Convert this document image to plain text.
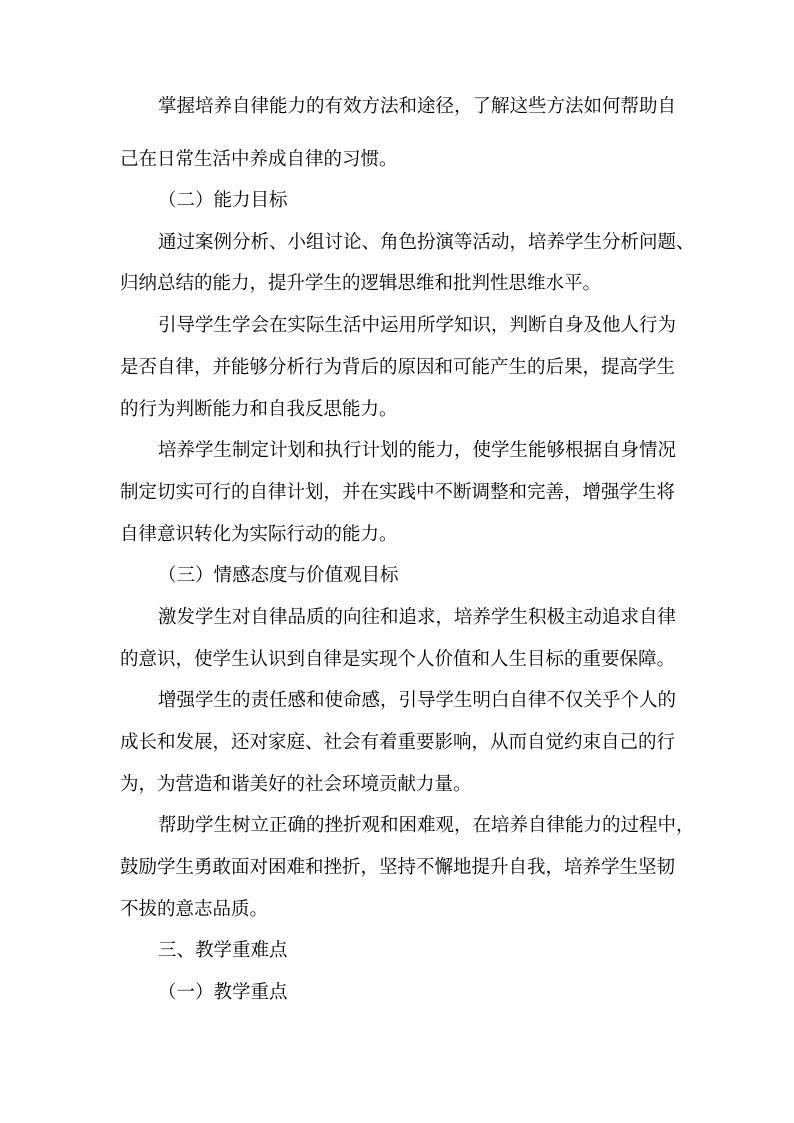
掌握培养自律能力的有效方法和途径，了解这些方法如何帮助自
己在日常生活中养成自律的习惯。
（二）能力目标
通过案例分析、小组讨论、角色扮演等活动，培养学生分析问题、
归纳总结的能力，提升学生的逻辑思维和批判性思维水平。
引导学生学会在实际生活中运用所学知识，判断自身及他人行为
是否自律，并能够分析行为背后的原因和可能产生的后果，提高学生
的行为判断能力和自我反思能力。
培养学生制定计划和执行计划的能力，使学生能够根据自身情况
制定切实可行的自律计划，并在实践中不断调整和完善，增强学生将
自律意识转化为实际行动的能力。
（三）情感态度与价值观目标
激发学生对自律品质的向往和追求，培养学生积极主动追求自律
的意识，使学生认识到自律是实现个人价值和人生目标的重要保障。
增强学生的责任感和使命感，引导学生明白自律不仅关乎个人的
成长和发展，还对家庭、社会有着重要影响，从而自觉约束自己的行
为，为营造和谐美好的社会环境贡献力量。
帮助学生树立正确的挫折观和困难观，在培养自律能力的过程中，
鼓励学生勇敢面对困难和挫折，坚持不懈地提升自我，培养学生坚韧
不拔的意志品质。
三、教学重难点
（一）教学重点
